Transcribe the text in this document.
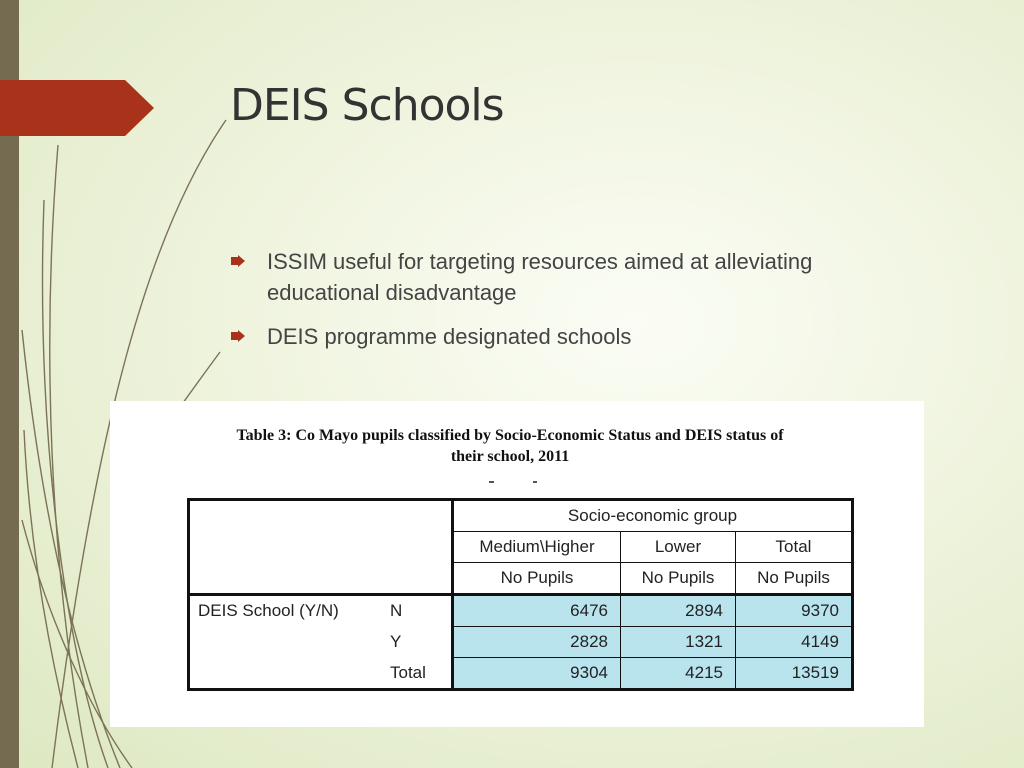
DEIS Schools
ISSIM useful for targeting resources aimed at alleviating educational disadvantage
DEIS programme designated schools

Table 3: Co Mayo pupils classified by Socio-Economic Status and DEIS status of
their school, 2011

		Socio-economic group		
		Medium\Higher	Lower	Total
		No Pupils	No Pupils	No Pupils
DEIS School (Y/N)	N	6476	2894	9370
	Y	2828	1321	4149
	Total	9304	4215	13519
